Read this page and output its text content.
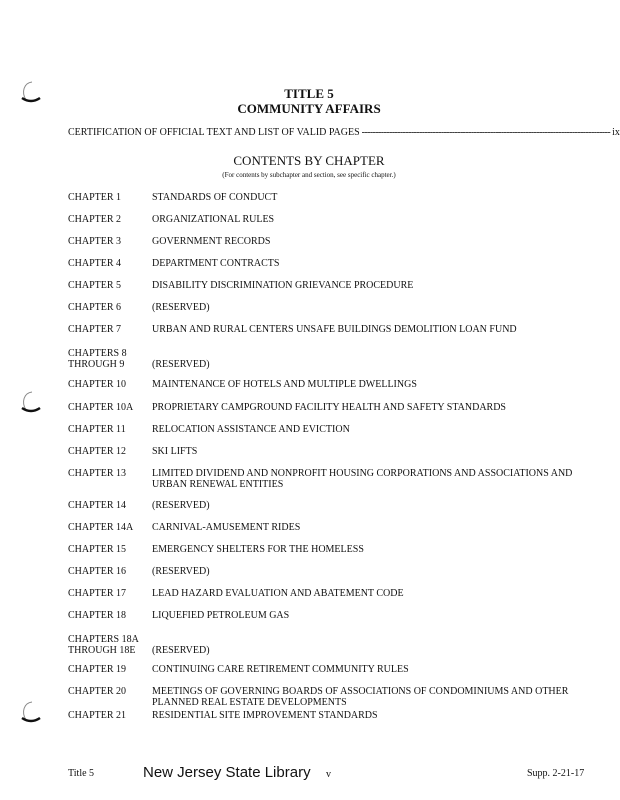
TITLE 5
COMMUNITY AFFAIRS
CERTIFICATION OF OFFICIAL TEXT AND LIST OF VALID PAGES ------------------------------------------------------------------------------------------- ix
CONTENTS BY CHAPTER
(For contents by subchapter and section, see specific chapter.)
CHAPTER 1	STANDARDS OF CONDUCT
CHAPTER 2	ORGANIZATIONAL RULES
CHAPTER 3	GOVERNMENT RECORDS
CHAPTER 4	DEPARTMENT CONTRACTS
CHAPTER 5	DISABILITY DISCRIMINATION GRIEVANCE PROCEDURE
CHAPTER 6	(RESERVED)
CHAPTER 7	URBAN AND RURAL CENTERS UNSAFE BUILDINGS DEMOLITION LOAN FUND
CHAPTERS 8
THROUGH 9	(RESERVED)
CHAPTER 10	MAINTENANCE OF HOTELS AND MULTIPLE DWELLINGS
CHAPTER 10A	PROPRIETARY CAMPGROUND FACILITY HEALTH AND SAFETY STANDARDS
CHAPTER 11	RELOCATION ASSISTANCE AND EVICTION
CHAPTER 12	SKI LIFTS
CHAPTER 13	LIMITED DIVIDEND AND NONPROFIT HOUSING CORPORATIONS AND ASSOCIATIONS AND URBAN RENEWAL ENTITIES
CHAPTER 14	(RESERVED)
CHAPTER 14A	CARNIVAL-AMUSEMENT RIDES
CHAPTER 15	EMERGENCY SHELTERS FOR THE HOMELESS
CHAPTER 16	(RESERVED)
CHAPTER 17	LEAD HAZARD EVALUATION AND ABATEMENT CODE
CHAPTER 18	LIQUEFIED PETROLEUM GAS
CHAPTERS 18A
THROUGH 18E	(RESERVED)
CHAPTER 19	CONTINUING CARE RETIREMENT COMMUNITY RULES
CHAPTER 20	MEETINGS OF GOVERNING BOARDS OF ASSOCIATIONS OF CONDOMINIUMS AND OTHER PLANNED REAL ESTATE DEVELOPMENTS
CHAPTER 21	RESIDENTIAL SITE IMPROVEMENT STANDARDS
Title 5	New Jersey State Library v	Supp. 2-21-17
